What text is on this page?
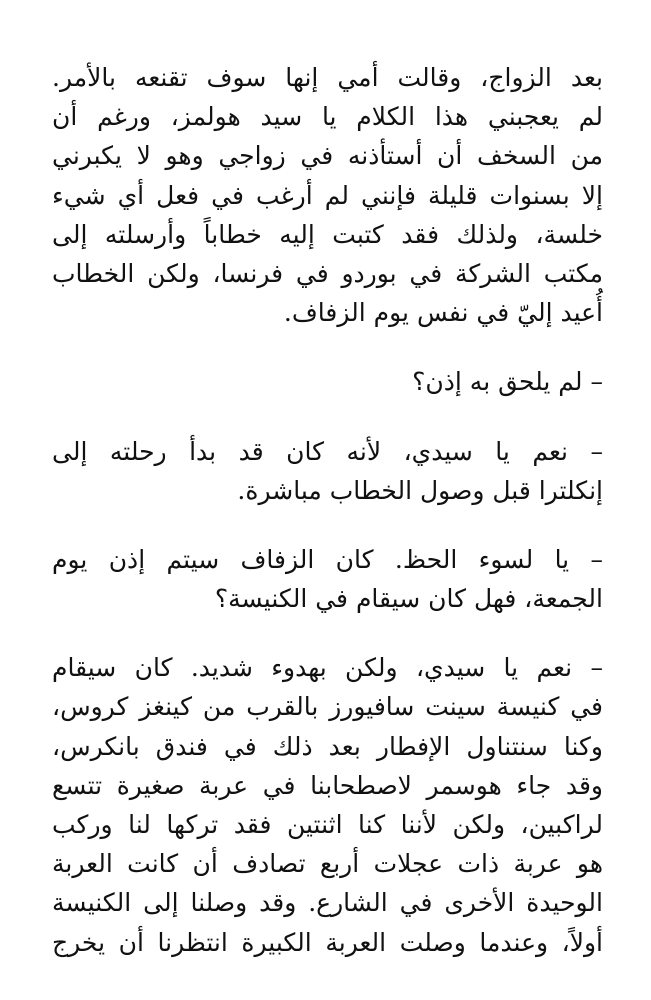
بعد الزواج، وقالت أمي إنها سوف تقنعه بالأمر.
لم يعجبني هذا الكلام يا سيد هولمز، ورغم أن
من السخف أن أستأذنه في زواجي وهو لا يكبرني
إلا بسنوات قليلة فإنني لم أرغب في فعل أي شيء
خلسة، ولذلك فقد كتبت إليه خطاباً وأرسلته إلى
مكتب الشركة في بوردو في فرنسا، ولكن الخطاب
أُعيد إليّ في نفس يوم الزفاف.
– لم يلحق به إذن؟
– نعم يا سيدي، لأنه كان قد بدأ رحلته إلى
إنكلترا قبل وصول الخطاب مباشرة.
– يا لسوء الحظ. كان الزفاف سيتم إذن يوم
الجمعة، فهل كان سيقام في الكنيسة؟
– نعم يا سيدي، ولكن بهدوء شديد. كان سيقام
في كنيسة سينت سافيورز بالقرب من كينغز كروس،
وكنا سنتناول الإفطار بعد ذلك في فندق بانكرس،
وقد جاء هوسمر لاصطحابنا في عربة صغيرة تتسع
لراكبين، ولكن لأننا كنا اثنتين فقد تركها لنا وركب
هو عربة ذات عجلات أربع تصادف أن كانت العربة
الوحيدة الأخرى في الشارع. وقد وصلنا إلى الكنيسة
أولاً، وعندما وصلت العربة الكبيرة انتظرنا أن يخرج
